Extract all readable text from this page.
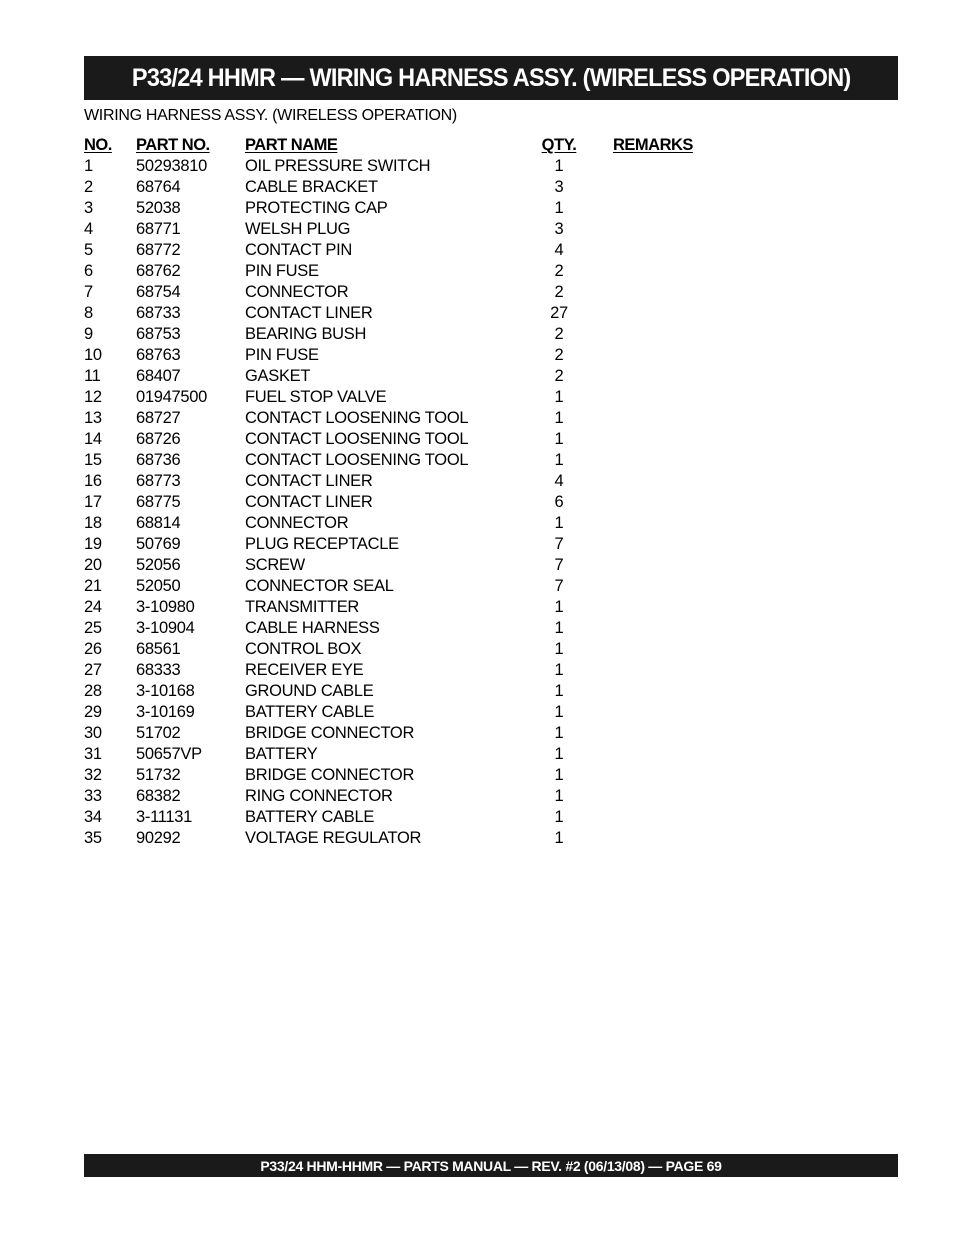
P33/24 HHMR — WIRING HARNESS ASSY. (WIRELESS OPERATION)
WIRING HARNESS ASSY. (WIRELESS OPERATION)
NO.	PART NO.	PART NAME	QTY. REMARKS
1	50293810	OIL PRESSURE SWITCH	1
2	68764	CABLE BRACKET	3
3	52038	PROTECTING CAP	1
4	68771	WELSH PLUG	3
5	68772	CONTACT PIN	4
6	68762	PIN FUSE	2
7	68754	CONNECTOR	2
8	68733	CONTACT LINER	27
9	68753	BEARING BUSH	2
10	68763	PIN FUSE	2
11	68407	GASKET	2
12	01947500	FUEL STOP VALVE	1
13	68727	CONTACT LOOSENING TOOL	1
14	68726	CONTACT LOOSENING TOOL	1
15	68736	CONTACT LOOSENING TOOL	1
16	68773	CONTACT LINER	4
17	68775	CONTACT LINER	6
18	68814	CONNECTOR	1
19	50769	PLUG RECEPTACLE	7
20	52056	SCREW	7
21	52050	CONNECTOR SEAL	7
24	3-10980	TRANSMITTER	1
25	3-10904	CABLE HARNESS	1
26	68561	CONTROL BOX	1
27	68333	RECEIVER EYE	1
28	3-10168	GROUND CABLE	1
29	3-10169	BATTERY CABLE	1
30	51702	BRIDGE CONNECTOR	1
31	50657VP	BATTERY	1
32	51732	BRIDGE CONNECTOR	1
33	68382	RING CONNECTOR	1
34	3-11131	BATTERY CABLE	1
35	90292	VOLTAGE REGULATOR	1
P33/24 HHM-HHMR — PARTS MANUAL — REV. #2 (06/13/08) — PAGE 69
